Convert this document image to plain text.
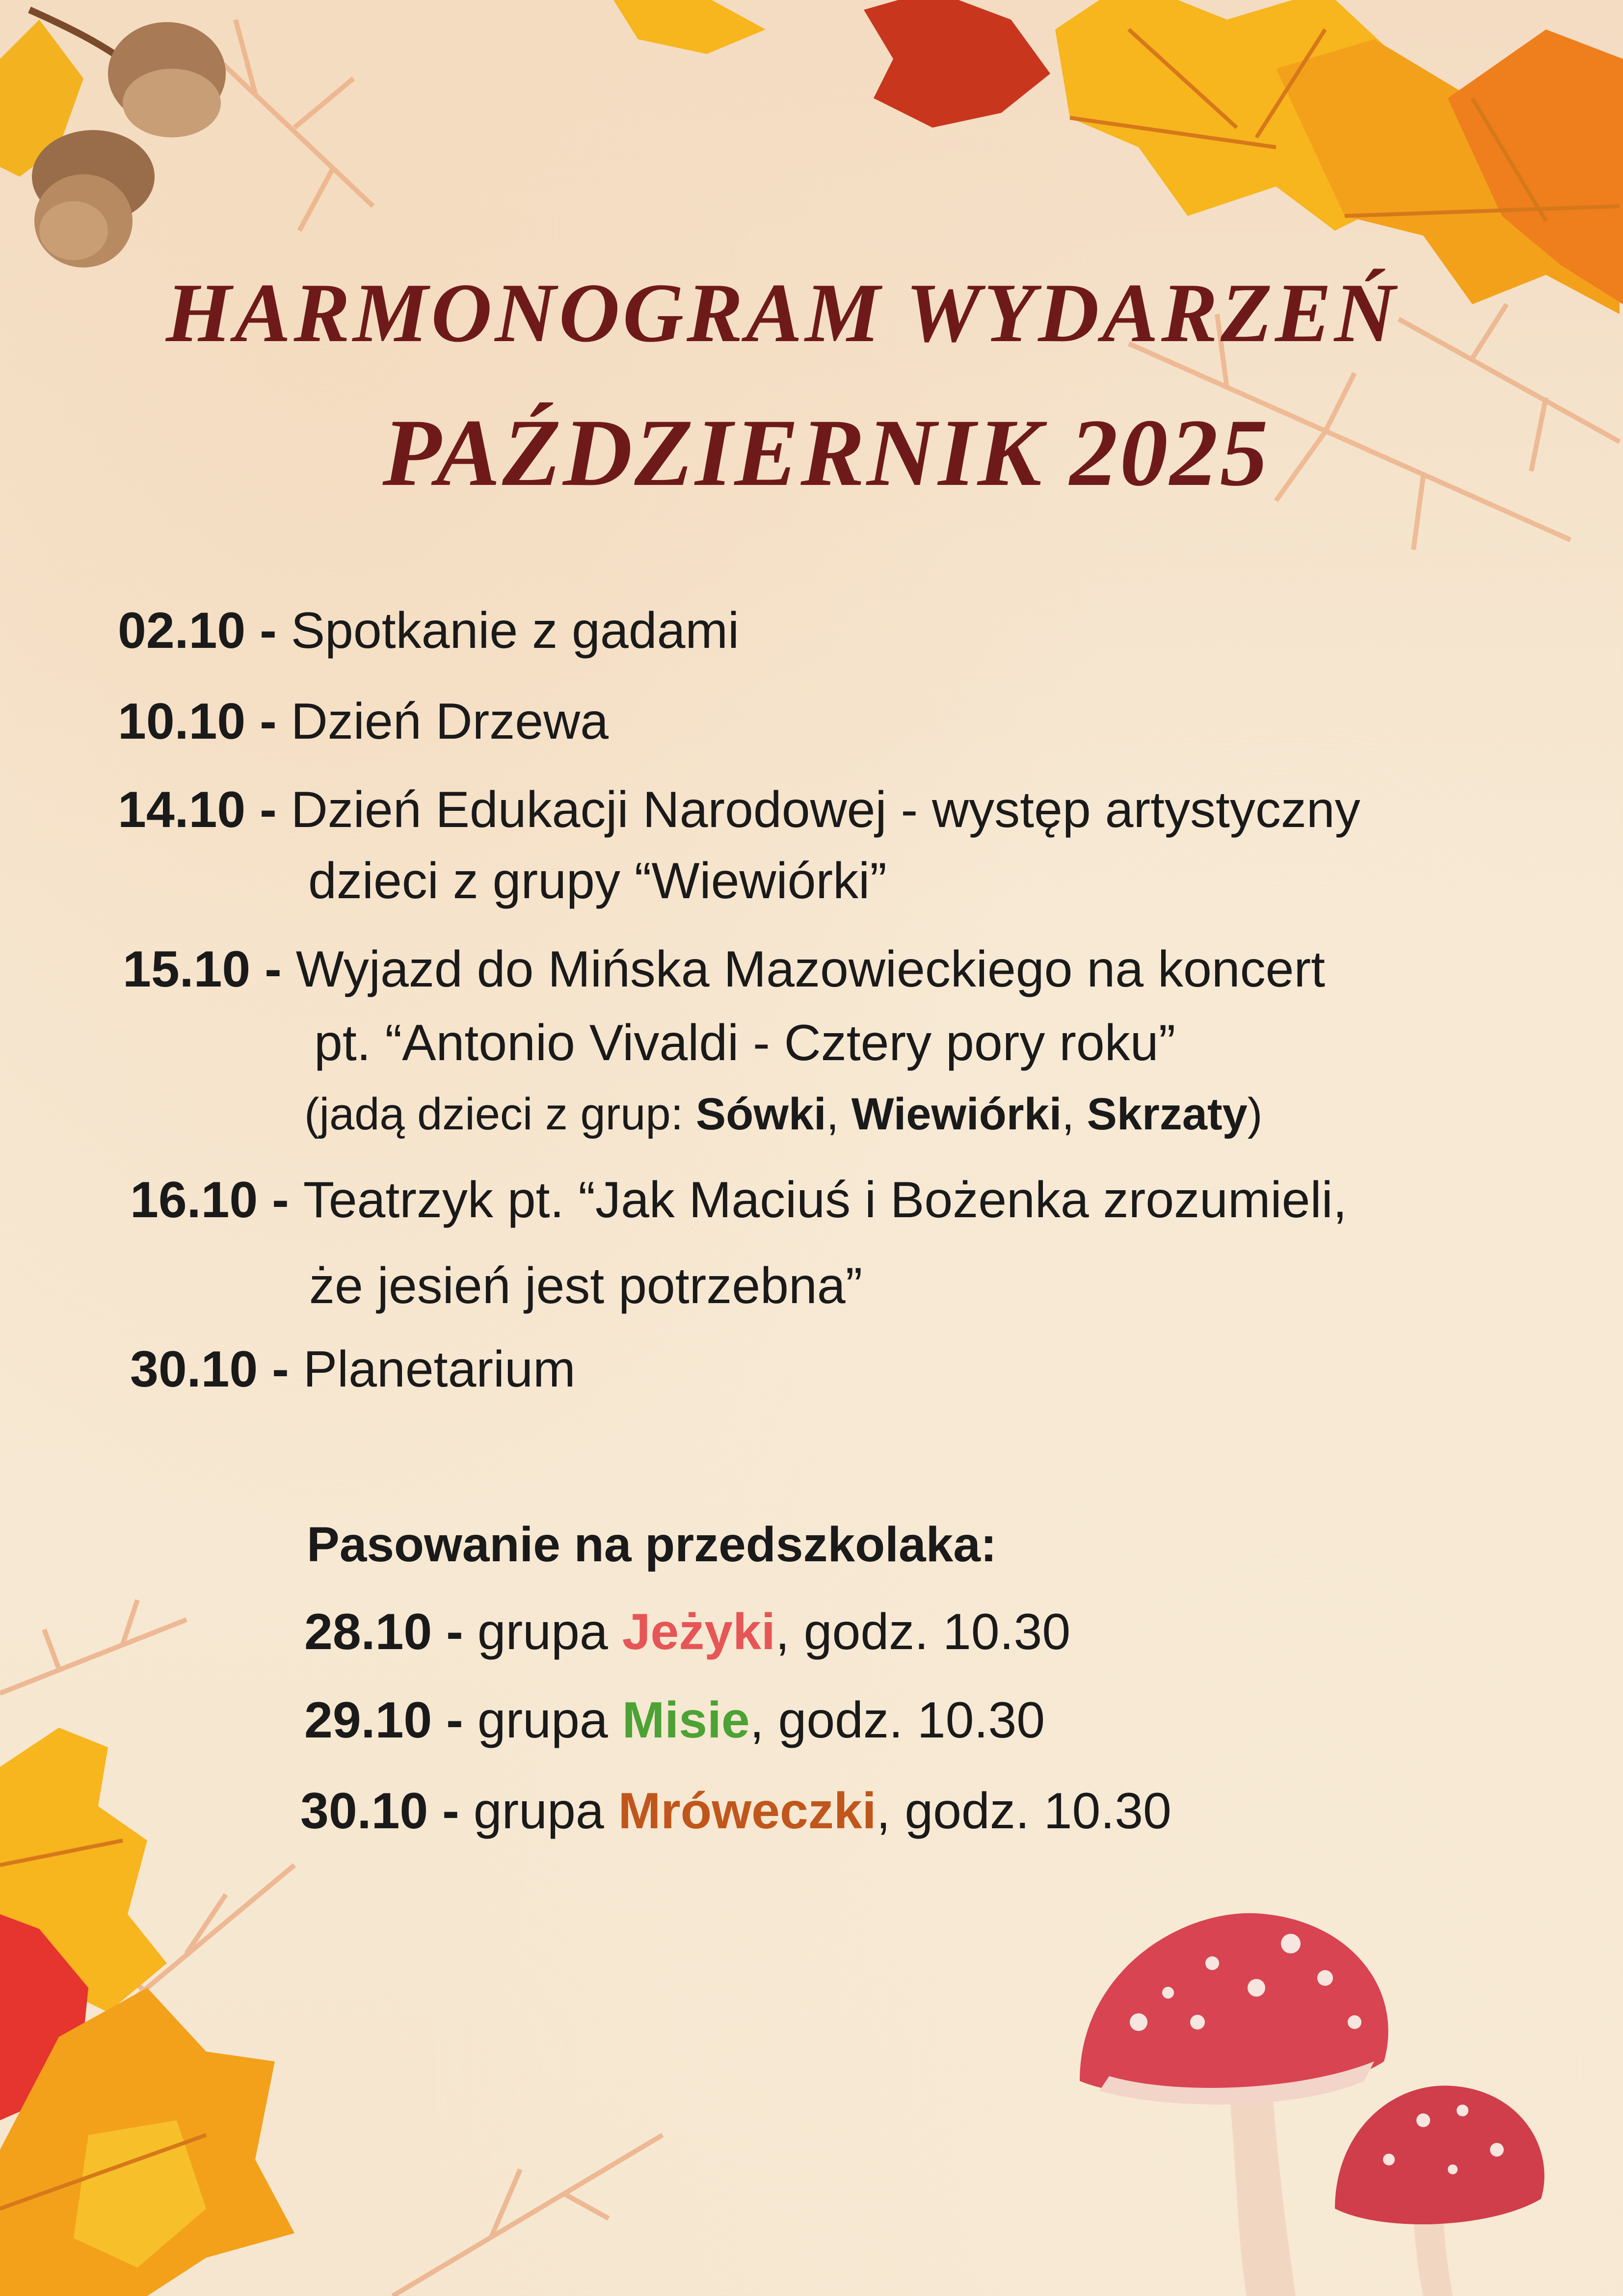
HARMONOGRAM WYDARZEŃ
PAŹDZIERNIK 2025
02.10 - Spotkanie z gadami
10.10 - Dzień Drzewa
14.10 - Dzień Edukacji Narodowej - występ artystyczny
dzieci z grupy “Wiewiórki”
15.10 - Wyjazd do Mińska Mazowieckiego na koncert
pt. “Antonio Vivaldi - Cztery pory roku”
(jadą dzieci z grup: Sówki, Wiewiórki, Skrzaty)
16.10 - Teatrzyk pt. “Jak Maciuś i Bożenka zrozumieli,
że jesień jest potrzebna”
30.10 - Planetarium
Pasowanie na przedszkolaka:
28.10 - grupa Jeżyki, godz. 10.30
29.10 - grupa Misie, godz. 10.30
30.10 - grupa Mróweczki, godz. 10.30
